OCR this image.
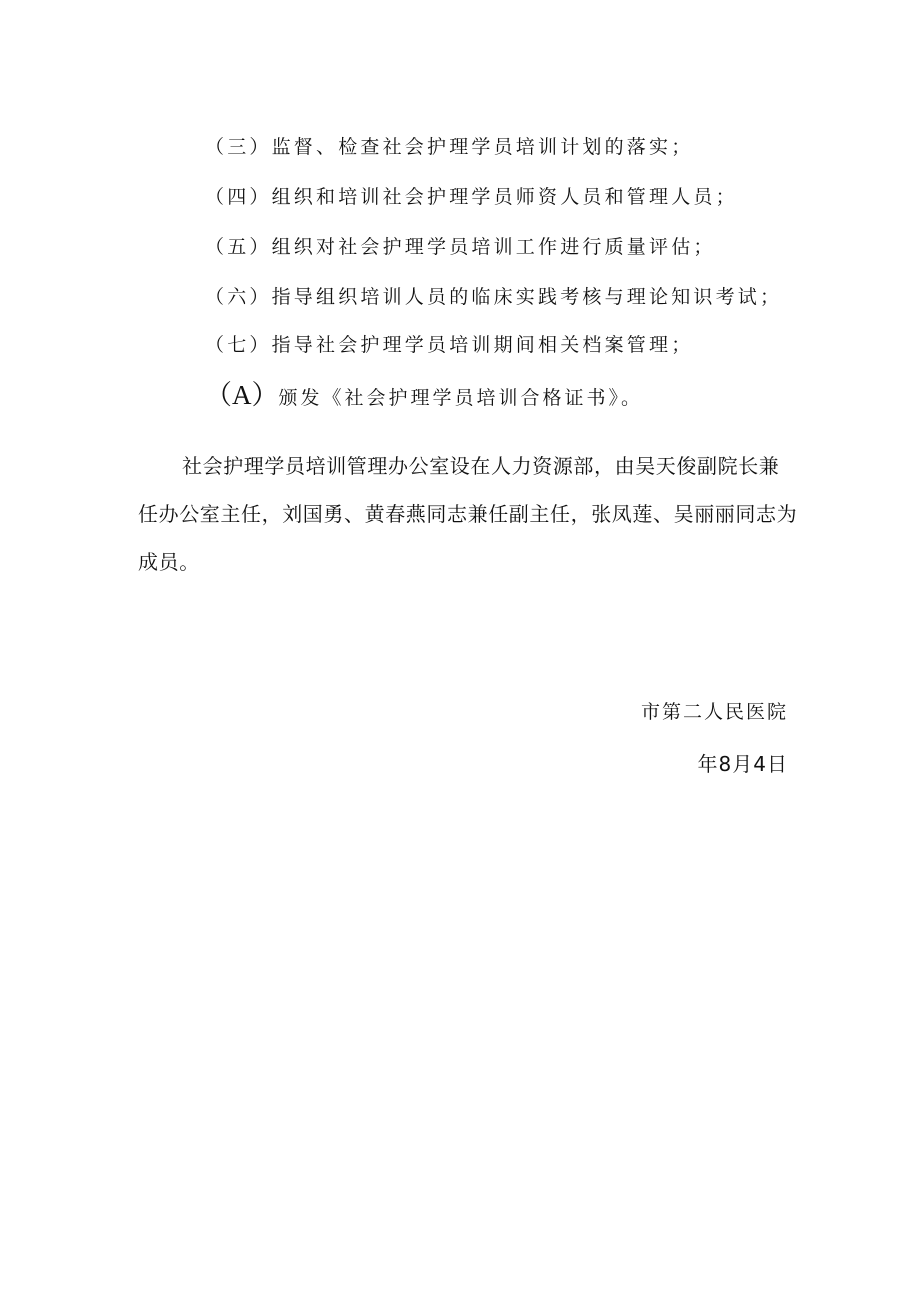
（三）监督、检查社会护理学员培训计划的落实；
（四）组织和培训社会护理学员师资人员和管理人员；
（五）组织对社会护理学员培训工作进行质量评估；
（六）指导组织培训人员的临床实践考核与理论知识考试；
（七）指导社会护理学员培训期间相关档案管理；
（A）颁发《社会护理学员培训合格证书》。

社会护理学员培训管理办公室设在人力资源部，由吴天俊副院长兼任办公室主任，刘国勇、黄春燕同志兼任副主任，张凤莲、吴丽丽同志为成员。

市第二人民医院
年8月4日
